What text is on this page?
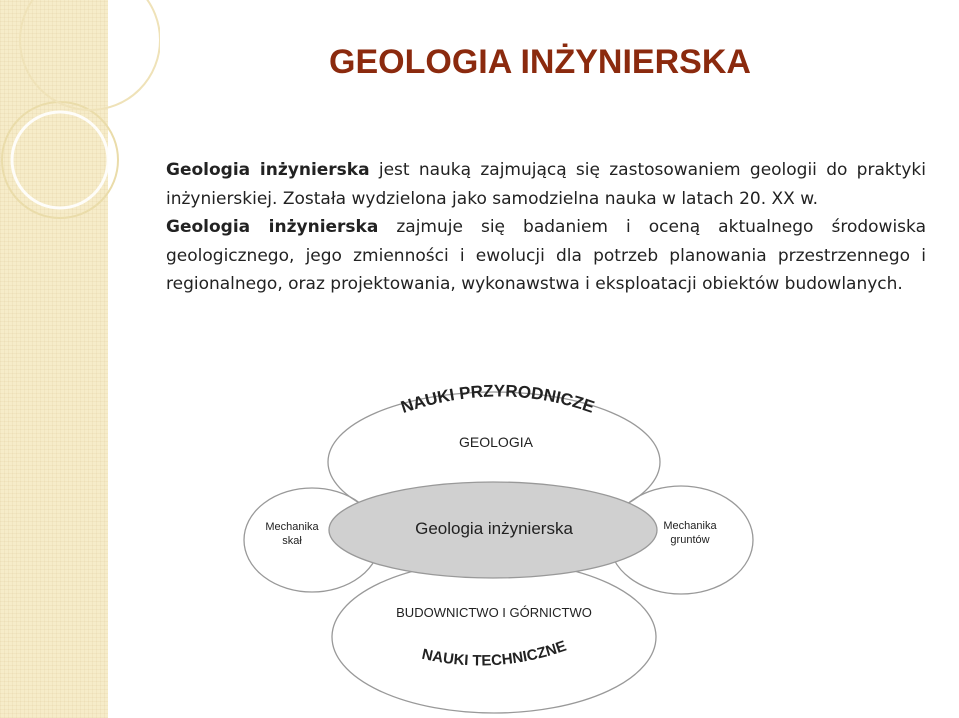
GEOLOGIA INŻYNIERSKA

Geologia inżynierska jest nauką zajmującą się zastosowaniem geologii do praktyki inżynierskiej. Została wydzielona jako samodzielna nauka w latach 20. XX w.

Geologia inżynierska zajmuje się badaniem i oceną aktualnego środowiska geologicznego, jego zmienności i ewolucji dla potrzeb planowania przestrzennego i regionalnego, oraz projektowania, wykonawstwa i eksploatacji obiektów budowlanych.

NAUKI PRZYRODNICZE
GEOLOGIA
Geologia inżynierska
Mechanika
skał
Mechanika
gruntów
BUDOWNICTWO I GÓRNICTWO
NAUKI TECHNICZNE
